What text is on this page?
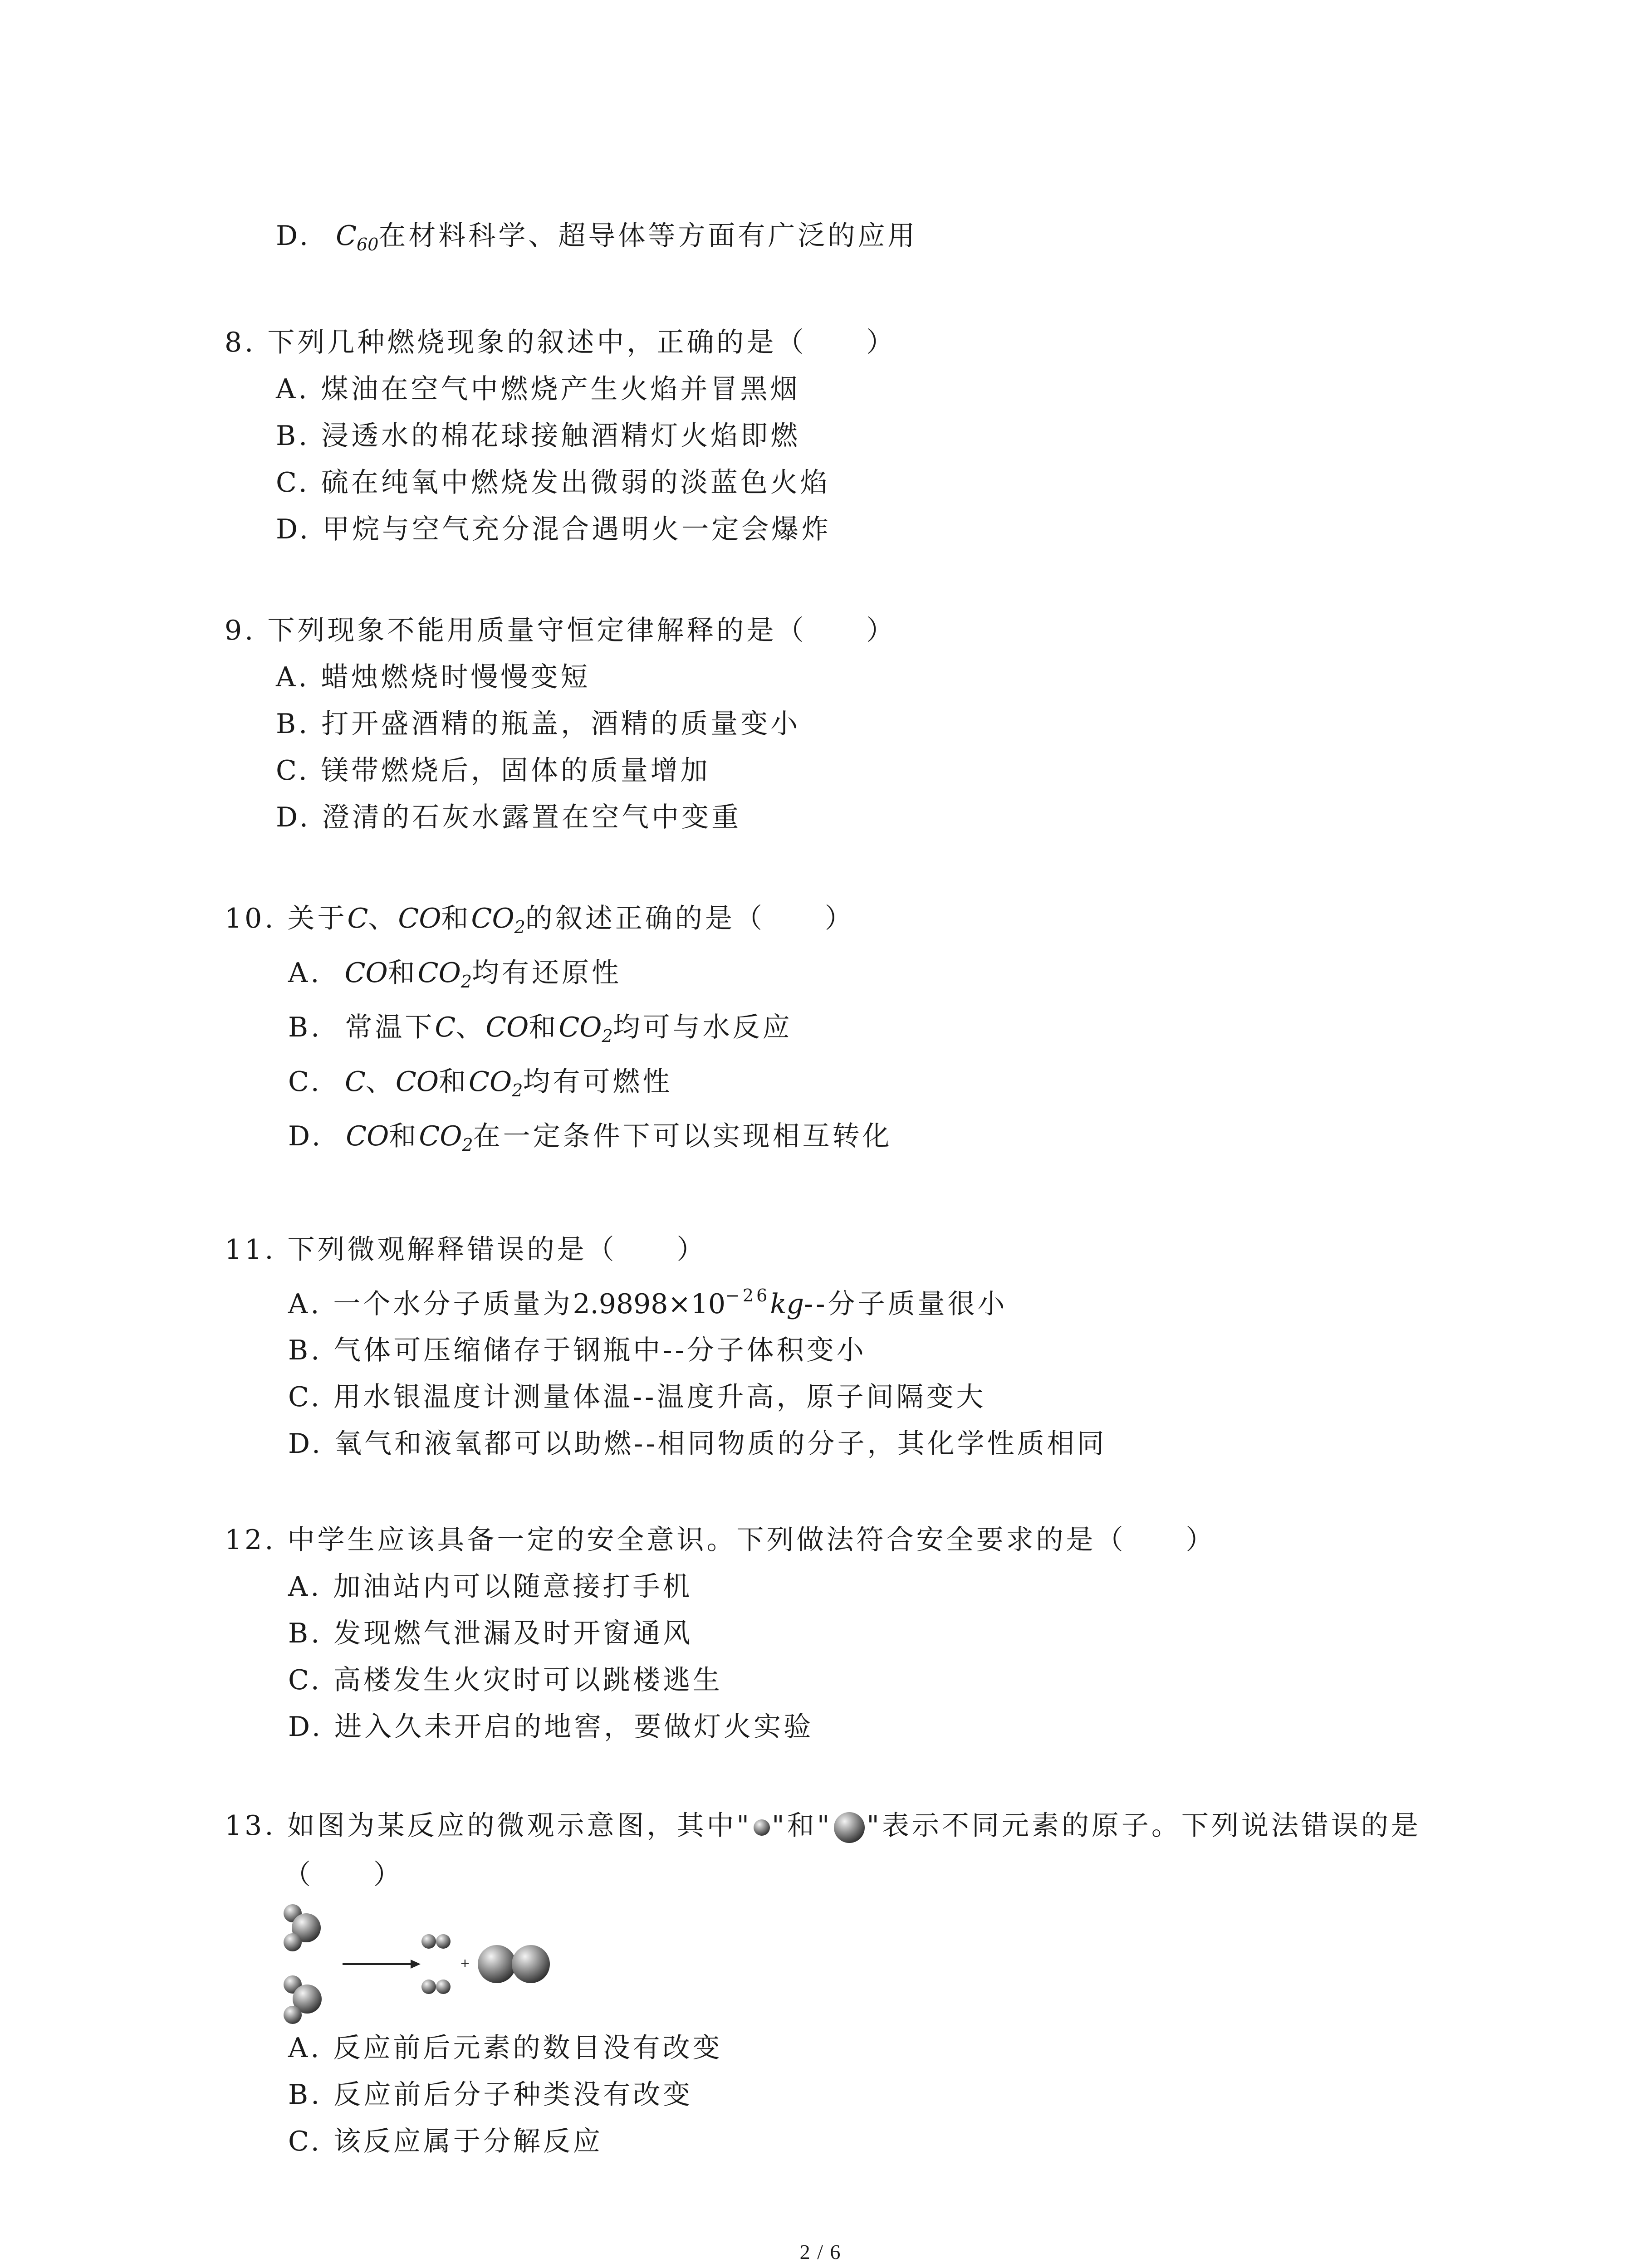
D. $C_{60}$在材料科学、超导体等方面有广泛的应用
8. 下列几种燃烧现象的叙述中，正确的是（　　）
A. 煤油在空气中燃烧产生火焰并冒黑烟
B. 浸透水的棉花球接触酒精灯火焰即燃
C. 硫在纯氧中燃烧发出微弱的淡蓝色火焰
D. 甲烷与空气充分混合遇明火一定会爆炸
9. 下列现象不能用质量守恒定律解释的是（　　）
A. 蜡烛燃烧时慢慢变短
B. 打开盛酒精的瓶盖，酒精的质量变小
C. 镁带燃烧后，固体的质量增加
D. 澄清的石灰水露置在空气中变重
10. 关于C、CO和$CO_2$的叙述正确的是（　　）
A. CO和$CO_2$均有还原性
B. 常温下C、CO和$CO_2$均可与水反应
C. C、CO和$CO_2$均有可燃性
D. CO和$CO_2$在一定条件下可以实现相互转化
11. 下列微观解释错误的是（　　）
A. 一个水分子质量为$2.9898\times 10^{-26}kg--$分子质量很小
B. 气体可压缩储存于钢瓶中--分子体积变小
C. 用水银温度计测量体温--温度升高，原子间隔变大
D. 氧气和液氧都可以助燃--相同物质的分子，其化学性质相同
12. 中学生应该具备一定的安全意识。下列做法符合安全要求的是（　　）
A. 加油站内可以随意接打手机
B. 发现燃气泄漏及时开窗通风
C. 高楼发生火灾时可以跳楼逃生
D. 进入久未开启的地窖，要做灯火实验
13. 如图为某反应的微观示意图，其中" "和" "表示不同元素的原子。下列说法错误的是
（　　）
+
A. 反应前后元素的数目没有改变
B. 反应前后分子种类没有改变
C. 该反应属于分解反应
2 / 6
